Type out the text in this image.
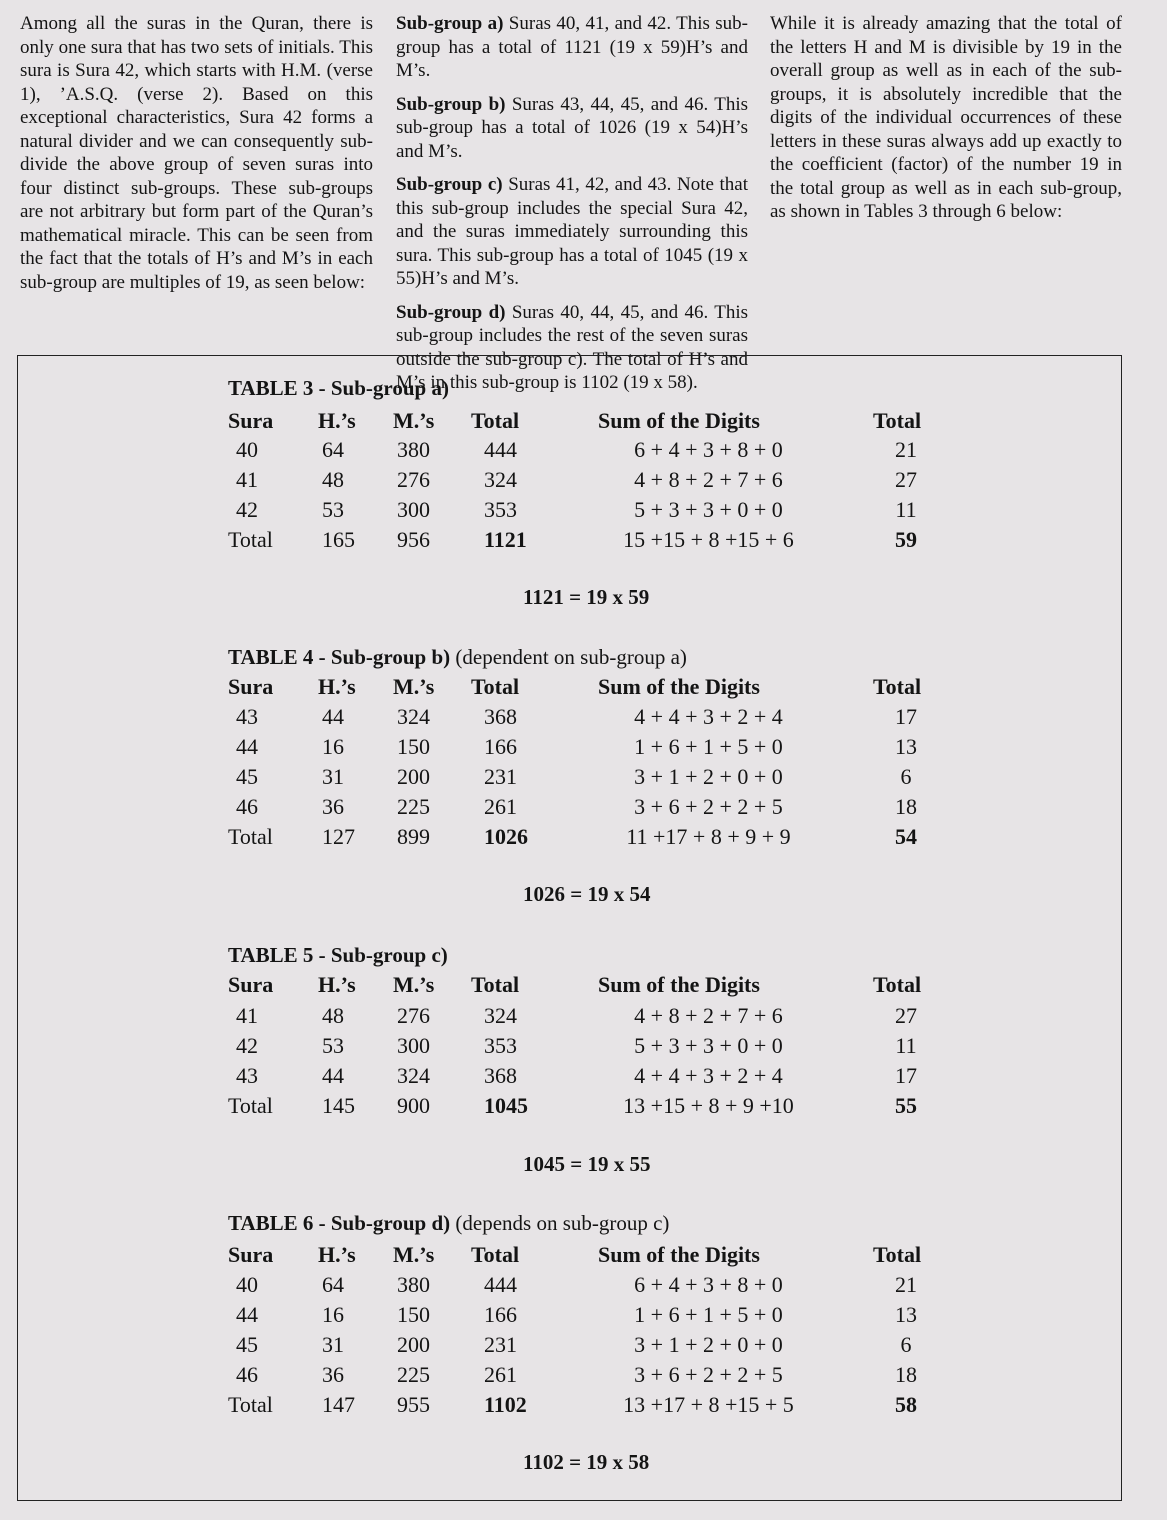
Among all the suras in the Quran, there is only one sura that has two sets of initials. This sura is Sura 42, which starts with H.M. (verse 1), ’A.S.Q. (verse 2). Based on this exceptional characteristics, Sura 42 forms a natural divider and we can consequently sub-divide the above group of seven suras into four distinct sub-groups. These sub-groups are not arbitrary but form part of the Quran’s mathematical miracle. This can be seen from the fact that the totals of H’s and M’s in each sub-group are multiples of 19, as seen below:

Sub-group a) Suras 40, 41, and 42. This sub-group has a total of 1121 (19 x 59)H’s and M’s.

Sub-group b) Suras 43, 44, 45, and 46. This sub-group has a total of 1026 (19 x 54)H’s and M’s.

Sub-group c) Suras 41, 42, and 43. Note that this sub-group includes the special Sura 42, and the suras immediately surrounding this sura. This sub-group has a total of 1045 (19 x 55)H’s and M’s.

Sub-group d) Suras 40, 44, 45, and 46. This sub-group includes the rest of the seven suras outside the sub-group c). The total of H’s and M’s in this sub-group is 1102 (19 x 58).

While it is already amazing that the total of the letters H and M is divisible by 19 in the overall group as well as in each of the sub-groups, it is absolutely incredible that the digits of the individual occurrences of these letters in these suras always add up exactly to the coefficient (factor) of the number 19 in the total group as well as in each sub-group, as shown in Tables 3 through 6 below:

TABLE 3 - Sub-group a)
Sura H.’s M.’s Total	Sum of the Digits	Total
40	64 380 444	6 + 4 + 3 + 8 + 0	21
41	48 276 324	4 + 8 + 2 + 7 + 6	27
42	53 300 353	5 + 3 + 3 + 0 + 0	11
Total 165 956 1121	15 +15 + 8 +15 + 6	59
1121 = 19 x 59
TABLE 4 - Sub-group b) (dependent on sub-group a)
Sura H.’s M.’s Total	Sum of the Digits	Total
43	44 324 368	4 + 4 + 3 + 2 + 4	17
44	16 150 166	1 + 6 + 1 + 5 + 0	13
45	31 200 231	3 + 1 + 2 + 0 + 0	6
46	36 225 261	3 + 6 + 2 + 2 + 5	18
Total 127 899 1026	11 +17 + 8 + 9 + 9	54
1026 = 19 x 54
TABLE 5 - Sub-group c)
Sura H.’s M.’s Total	Sum of the Digits	Total
41	48 276 324	4 + 8 + 2 + 7 + 6	27
42	53 300 353	5 + 3 + 3 + 0 + 0	11
43	44 324 368	4 + 4 + 3 + 2 + 4	17
Total 145 900 1045	13 +15 + 8 + 9 +10	55
1045 = 19 x 55
TABLE 6 - Sub-group d) (depends on sub-group c)
Sura H.’s M.’s Total	Sum of the Digits	Total
40	64 380 444	6 + 4 + 3 + 8 + 0	21
44	16 150 166	1 + 6 + 1 + 5 + 0	13
45	31 200 231	3 + 1 + 2 + 0 + 0	6
46	36 225 261	3 + 6 + 2 + 2 + 5	18
Total 147 955 1102	13 +17 + 8 +15 + 5	58
1102 = 19 x 58
